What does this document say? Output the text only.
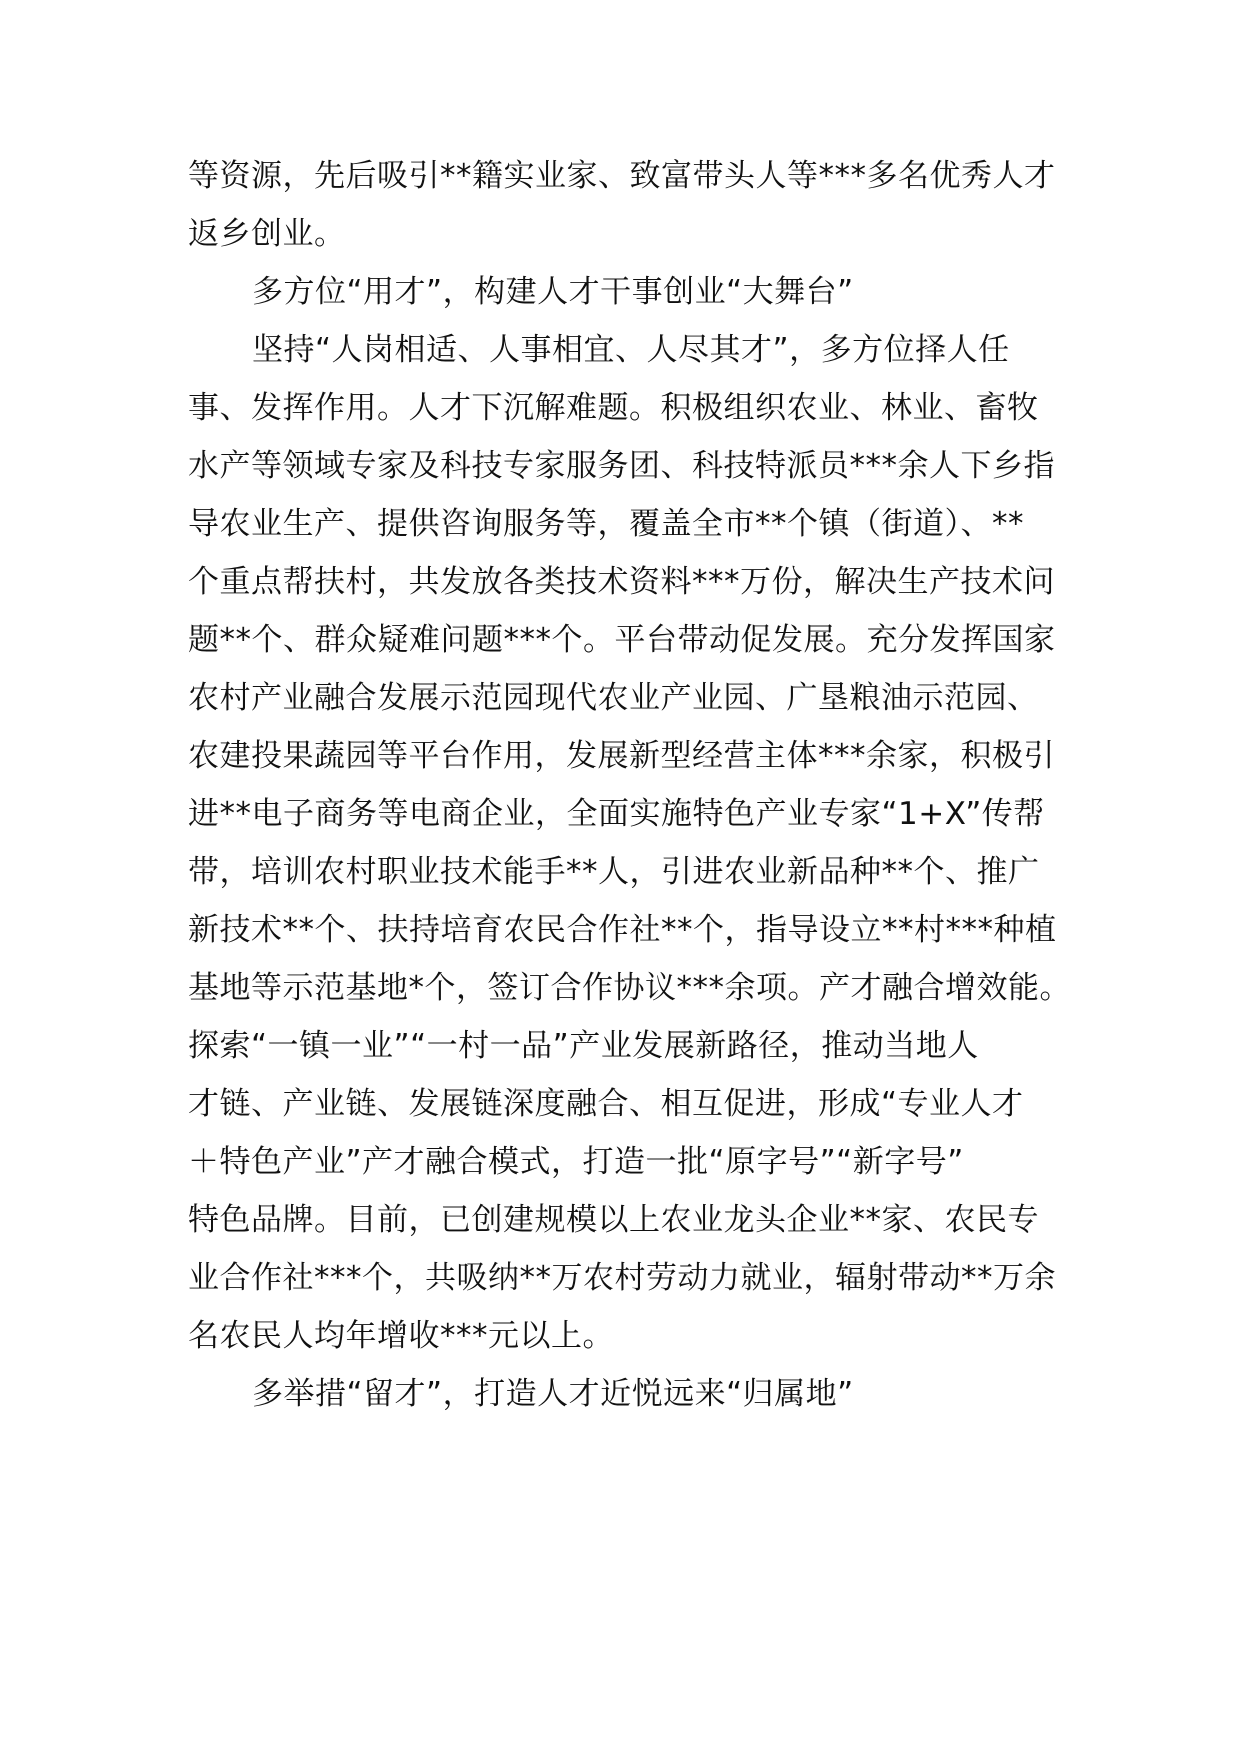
等资源，先后吸引**籍实业家、致富带头人等***多名优秀人才
返乡创业。
多方位“用才”，构建人才干事创业“大舞台”
坚持“人岗相适、人事相宜、人尽其才”，多方位择人任
事、发挥作用。人才下沉解难题。积极组织农业、林业、畜牧
水产等领域专家及科技专家服务团、科技特派员***余人下乡指
导农业生产、提供咨询服务等，覆盖全市**个镇（街道）、**
个重点帮扶村，共发放各类技术资料***万份，解决生产技术问
题**个、群众疑难问题***个。平台带动促发展。充分发挥国家
农村产业融合发展示范园现代农业产业园、广垦粮油示范园、
农建投果蔬园等平台作用，发展新型经营主体***余家，积极引
进**电子商务等电商企业，全面实施特色产业专家“1+X”传帮
带，培训农村职业技术能手**人，引进农业新品种**个、推广
新技术**个、扶持培育农民合作社**个，指导设立**村***种植
基地等示范基地*个，签订合作协议***余项。产才融合增效能。
探索“一镇一业”“一村一品”产业发展新路径，推动当地人
才链、产业链、发展链深度融合、相互促进，形成“专业人才
＋特色产业”产才融合模式，打造一批“原字号”“新字号”
特色品牌。目前，已创建规模以上农业龙头企业**家、农民专
业合作社***个，共吸纳**万农村劳动力就业，辐射带动**万余
名农民人均年增收***元以上。
多举措“留才”，打造人才近悦远来“归属地”
